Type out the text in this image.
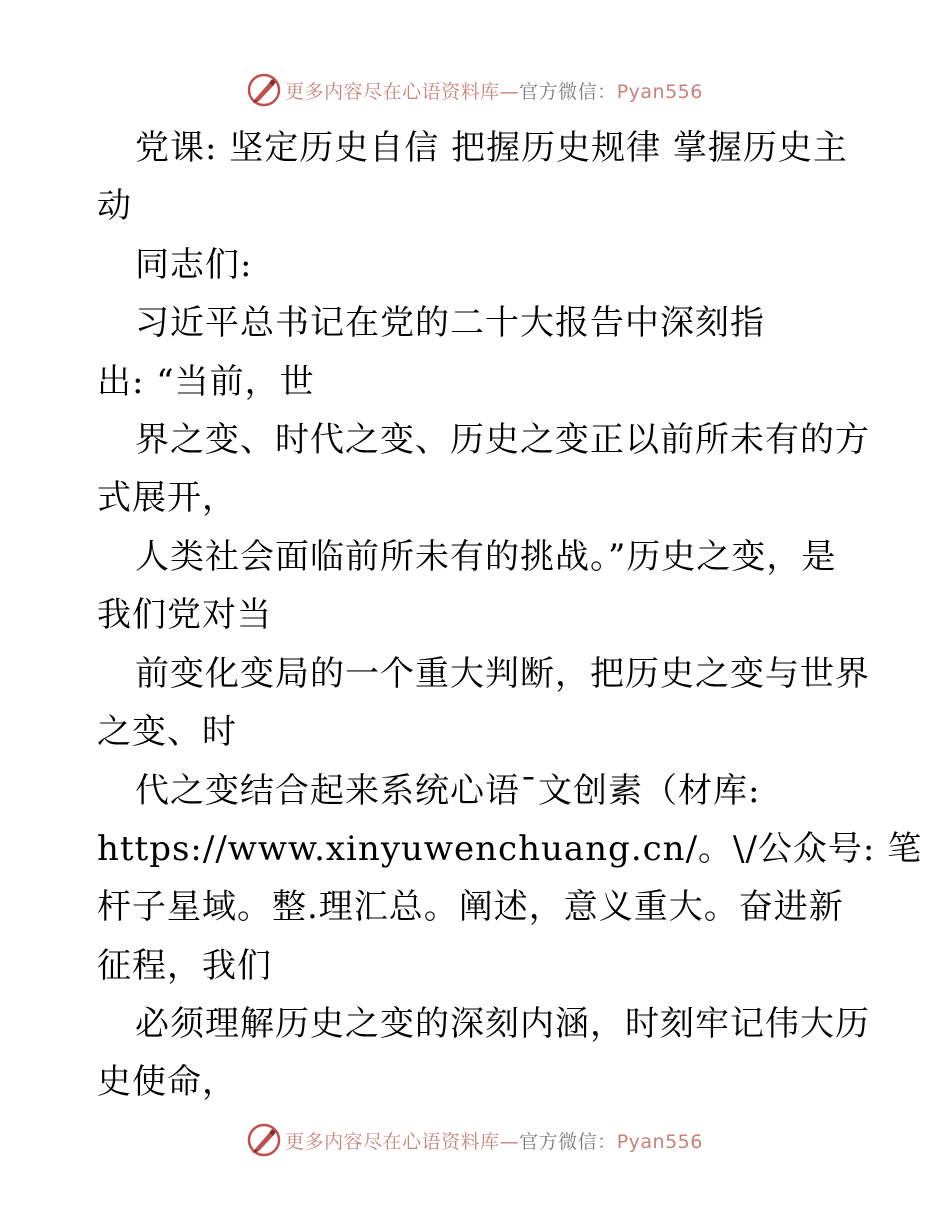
更多内容尽在心语资料库—官方微信：Pyan556
党课: 坚定历史自信 把握历史规律 掌握历史主
动
同志们:
习近平总书记在党的二十大报告中深刻指
出: “当前，世
界之变、时代之变、历史之变正以前所未有的方
式展开，
人类社会面临前所未有的挑战。”历史之变，是
我们党对当
前变化变局的一个重大判断，把历史之变与世界
之变、时
代之变结合起来系统心语¯文创素（材库:
https://www.xinyuwenchuang.cn/。\/公众号: 笔
杆子星域。整.理汇总。阐述，意义重大。奋进新
征程，我们
必须理解历史之变的深刻内涵，时刻牢记伟大历
史使命，
更多内容尽在心语资料库—官方微信：Pyan556
